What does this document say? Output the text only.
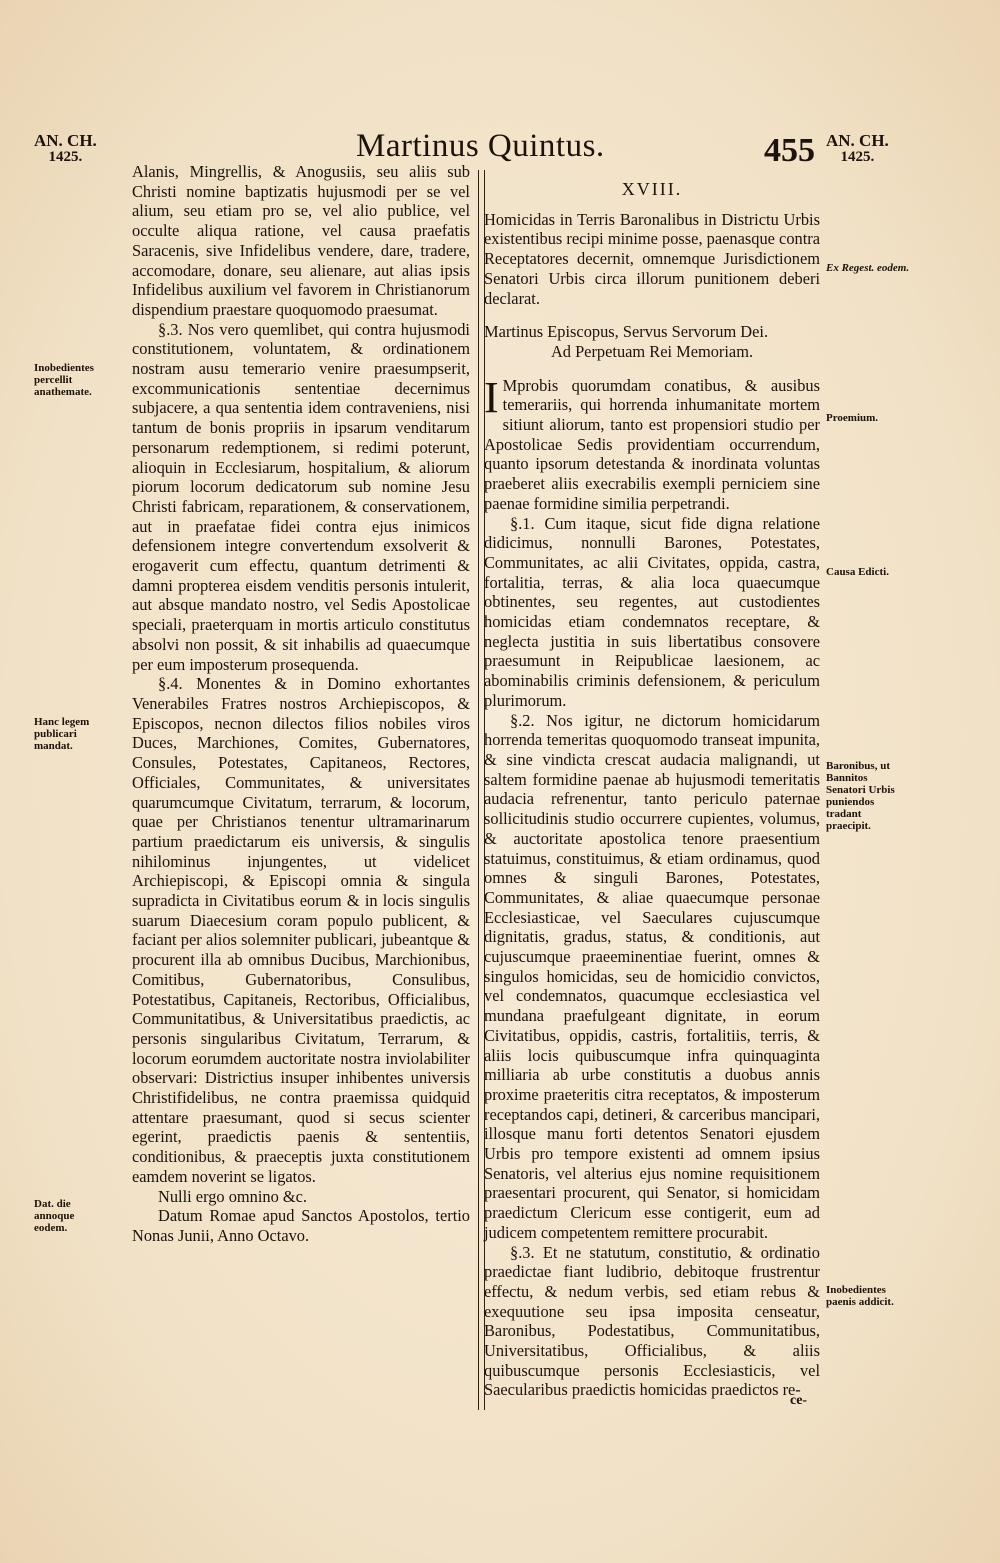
AN. CH.
1425.	Martinus Quintus.	455 AN. CH.
1425.
Inobedientes percellit anathemate.
Hanc legem publicari mandat.
Dat. die annoque eodem.
Ex Regest. eodem.
Proemium.
Causa Edicti.
Baronibus, ut Bannitos Senatori Urbis puniendos tradant praecipit.
Inobedientes paenis addicit.

Alanis, Mingrellis, & Anogusiis, seu aliis sub Christi nomine baptizatis hujusmodi per se vel alium, seu etiam pro se, vel alio publice, vel occulte aliqua ratione, vel causa praefatis Saracenis, sive Infidelibus vendere, dare, tradere, accomodare, donare, seu alienare, aut alias ipsis Infidelibus auxilium vel favorem in Christianorum dispendium praestare quoquomodo praesumat.

§.3. Nos vero quemlibet, qui contra hujusmodi constitutionem, voluntatem, & ordinationem nostram ausu temerario venire praesumpserit, excommunicationis sententiae decernimus subjacere, a qua sententia idem contraveniens, nisi tantum de bonis propriis in ipsarum venditarum personarum redemptionem, si redimi poterunt, alioquin in Ecclesiarum, hospitalium, & aliorum piorum locorum dedicatorum sub nomine Jesu Christi fabricam, reparationem, & conservationem, aut in praefatae fidei contra ejus inimicos defensionem integre convertendum exsolverit & erogaverit cum effectu, quantum detrimenti & damni propterea eisdem venditis personis intulerit, aut absque mandato nostro, vel Sedis Apostolicae speciali, praeterquam in mortis articulo constitutus absolvi non possit, & sit inhabilis ad quaecumque per eum imposterum prosequenda.

§.4. Monentes & in Domino exhortantes Venerabiles Fratres nostros Archiepiscopos, & Episcopos, necnon dilectos filios nobiles viros Duces, Marchiones, Comites, Gubernatores, Consules, Potestates, Capitaneos, Rectores, Officiales, Communitates, & universitates quarumcumque Civitatum, terrarum, & locorum, quae per Christianos tenentur ultramarinarum partium praedictarum eis universis, & singulis nihilominus injungentes, ut videlicet Archiepiscopi, & Episcopi omnia & singula supradicta in Civitatibus eorum & in locis singulis suarum Diaecesium coram populo publicent, & faciant per alios solemniter publicari, jubeantque & procurent illa ab omnibus Ducibus, Marchionibus, Comitibus, Gubernatoribus, Consulibus, Potestatibus, Capitaneis, Rectoribus, Officialibus, Communitatibus, & Universitatibus praedictis, ac personis singularibus Civitatum, Terrarum, & locorum eorumdem auctoritate nostra inviolabiliter observari: Districtius insuper inhibentes universis Christifidelibus, ne contra praemissa quidquid attentare praesumant, quod si secus scienter egerint, praedictis paenis & sententiis, conditionibus, & praeceptis juxta constitutionem eamdem noverint se ligatos.

Nulli ergo omnino &c.

Datum Romae apud Sanctos Apostolos, tertio Nonas Junii, Anno Octavo.

XVIII.

Homicidas in Terris Baronalibus in Districtu Urbis existentibus recipi minime posse, paenasque contra Receptatores decernit, omnemque Jurisdictionem Senatori Urbis circa illorum punitionem deberi declarat.

Martinus Episcopus, Servus Servorum Dei.

Ad Perpetuam Rei Memoriam.

I Mprobis quorumdam conatibus, & ausibus temerariis, qui horrenda inhumanitate mortem sitiunt aliorum, tanto est propensiori studio per Apostolicae Sedis providentiam occurrendum, quanto ipsorum detestanda & inordinata voluntas praeberet aliis execrabilis exempli perniciem sine paenae formidine similia perpetrandi.

§.1. Cum itaque, sicut fide digna relatione didicimus, nonnulli Barones, Potestates, Communitates, ac alii Civitates, oppida, castra, fortalitia, terras, & alia loca quaecumque obtinentes, seu regentes, aut custodientes homicidas etiam condemnatos receptare, & neglecta justitia in suis libertatibus consovere praesumunt in Reipublicae laesionem, ac abominabilis criminis defensionem, & periculum plurimorum.

§.2. Nos igitur, ne dictorum homicidarum horrenda temeritas quoquomodo transeat impunita, & sine vindicta crescat audacia malignandi, ut saltem formidine paenae ab hujusmodi temeritatis audacia refrenentur, tanto periculo paternae sollicitudinis studio occurrere cupientes, volumus, & auctoritate apostolica tenore praesentium statuimus, constituimus, & etiam ordinamus, quod omnes & singuli Barones, Potestates, Communitates, & aliae quaecumque personae Ecclesiasticae, vel Saeculares cujuscumque dignitatis, gradus, status, & conditionis, aut cujuscumque praeeminentiae fuerint, omnes & singulos homicidas, seu de homicidio convictos, vel condemnatos, quacumque ecclesiastica vel mundana praefulgeant dignitate, in eorum Civitatibus, oppidis, castris, fortalitiis, terris, & aliis locis quibuscumque infra quinquaginta milliaria ab urbe constitutis a duobus annis proxime praeteritis citra receptatos, & imposterum receptandos capi, detineri, & carceribus mancipari, illosque manu forti detentos Senatori ejusdem Urbis pro tempore existenti ad omnem ipsius Senatoris, vel alterius ejus nomine requisitionem praesentari procurent, qui Senator, si homicidam praedictum Clericum esse contigerit, eum ad judicem competentem remittere procurabit.

§.3. Et ne statutum, constitutio, & ordinatio praedictae fiant ludibrio, debitoque frustrentur effectu, & nedum verbis, sed etiam rebus & exequutione seu ipsa imposita censeatur, Baronibus, Podestatibus, Communitatibus, Universitatibus, Officialibus, & aliis quibuscumque personis Ecclesiasticis, vel Saecularibus praedictis homicidas praedictos re-

ce-
